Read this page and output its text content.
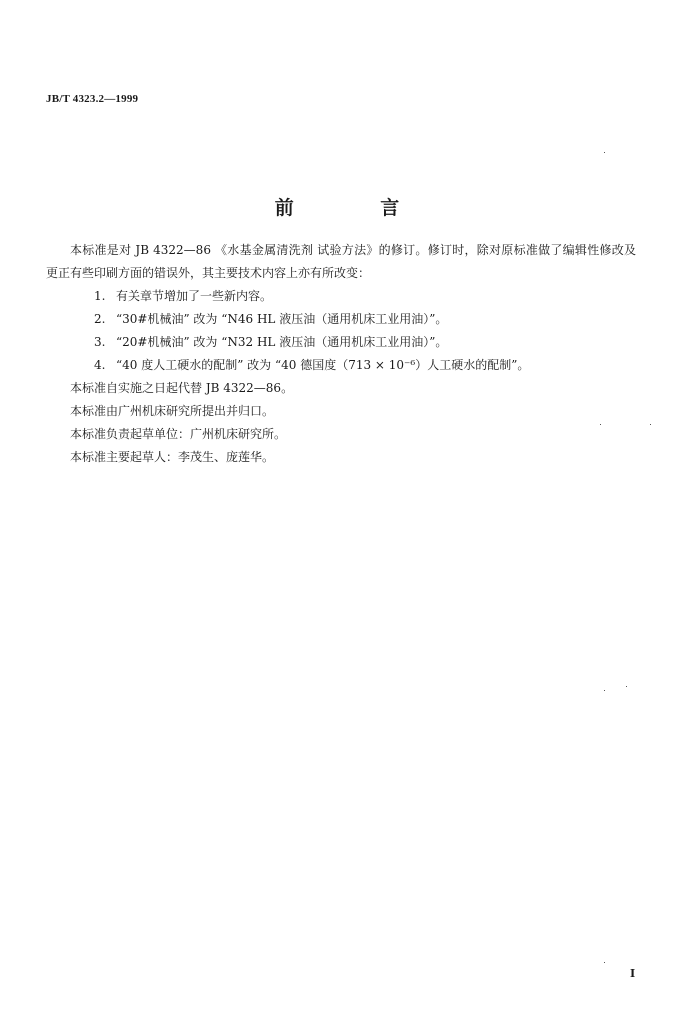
JB/T 4323.2—1999
前 言

本标准是对 JB 4322—86 《水基金属清洗剂 试验方法》的修订。修订时，除对原标准做了编辑性修改及更正有些印刷方面的错误外，其主要技术内容上亦有所改变：

1. 有关章节增加了一些新内容。

2. “30#机械油” 改为 “N46 HL 液压油（通用机床工业用油）”。

3. “20#机械油” 改为 “N32 HL 液压油（通用机床工业用油）”。

4. “40 度人工硬水的配制” 改为 “40 德国度（713 × 10⁻⁶）人工硬水的配制”。

本标准自实施之日起代替 JB 4322—86。

本标准由广州机床研究所提出并归口。

本标准负责起草单位：广州机床研究所。

本标准主要起草人：李茂生、庞莲华。

I
